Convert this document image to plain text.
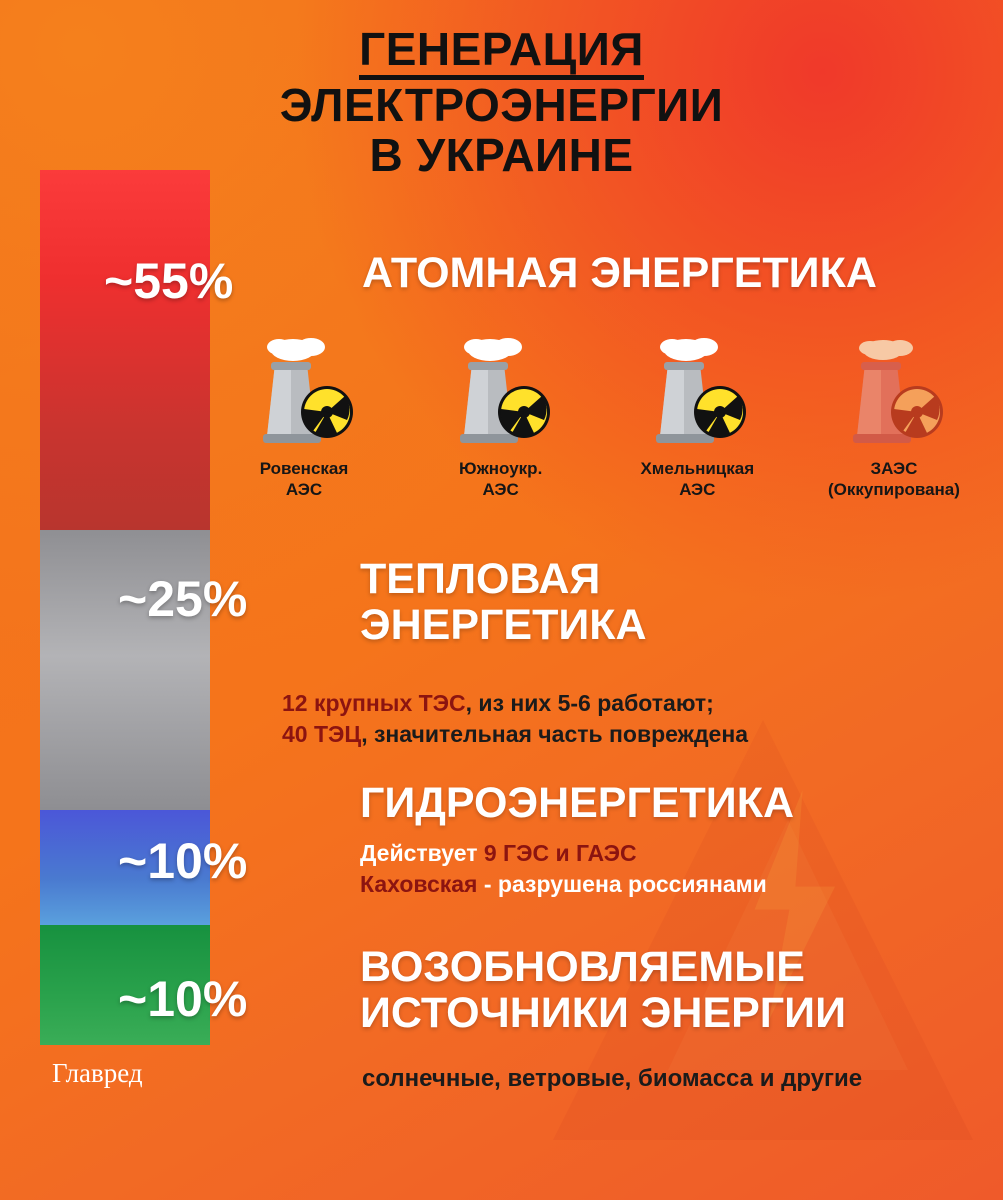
ГЕНЕРАЦИЯ
ЭЛЕКТРОЭНЕРГИИ
В УКРАИНЕ
~55%
~25%
~10%
~10%
АТОМНАЯ ЭНЕРГЕТИКА
Ровенская
АЭС
Южноукр.
АЭС
Хмельницкая
АЭС
ЗАЭС
(Оккупирована)
ТЕПЛОВАЯ
ЭНЕРГЕТИКА
12 крупных ТЭС, из них 5-6 работают;
40 ТЭЦ, значительная часть повреждена
ГИДРОЭНЕРГЕТИКА
Действует 9 ГЭС и ГАЭС
Каховская - разрушена россиянами
ВОЗОБНОВЛЯЕМЫЕ
ИСТОЧНИКИ ЭНЕРГИИ
солнечные, ветровые, биомасса и другие
Главред
